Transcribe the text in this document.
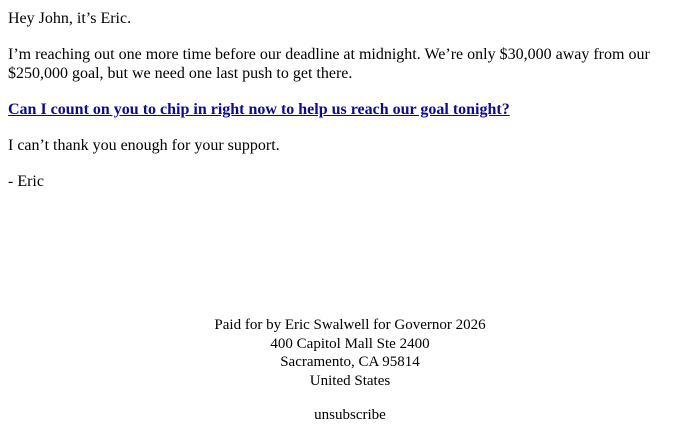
Hey John, it’s Eric.

I’m reaching out one more time before our deadline at midnight. We’re only $30,000 away from our $250,000 goal, but we need one last push to get there.

Can I count on you to chip in right now to help us reach our goal tonight?

I can’t thank you enough for your support.

- Eric

Paid for by Eric Swalwell for Governor 2026
400 Capitol Mall Ste 2400
Sacramento, CA 95814
United States
unsubscribe
